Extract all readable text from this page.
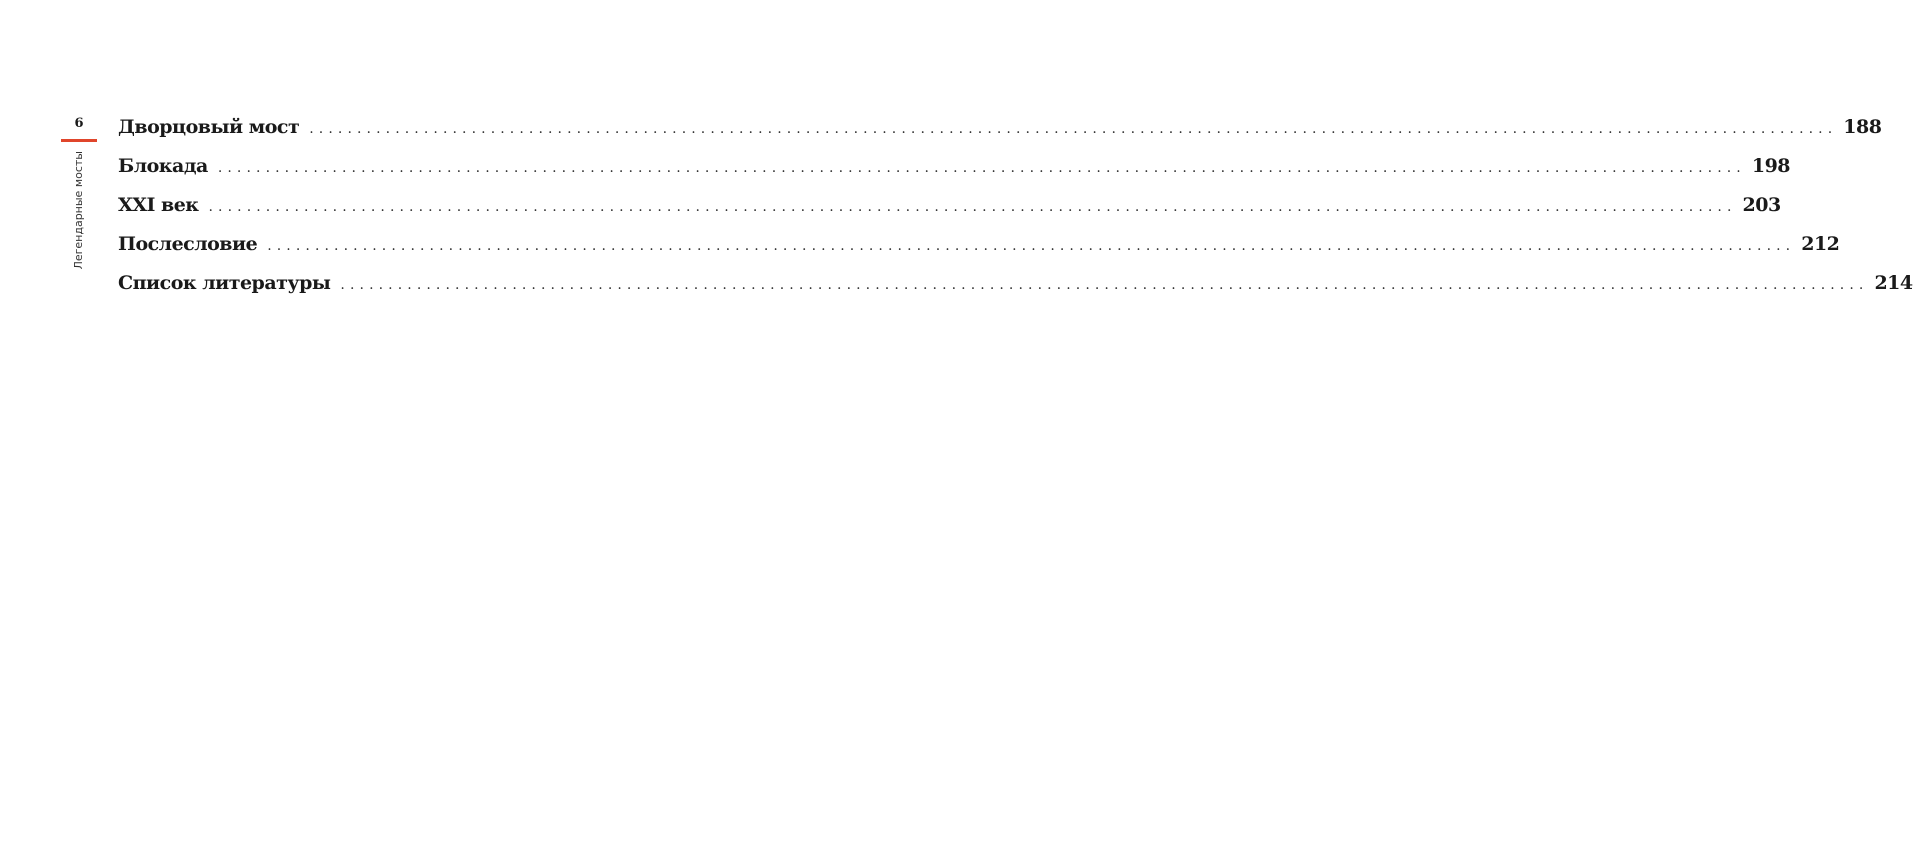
6
Легендарные мосты
Дворцовый мост ................................................................................................................................................................ 188
Блокада ................................................................................................................................................................ 198
XXI век ................................................................................................................................................................ 203
Послесловие ................................................................................................................................................................ 212
Список литературы ................................................................................................................................................................ 214
